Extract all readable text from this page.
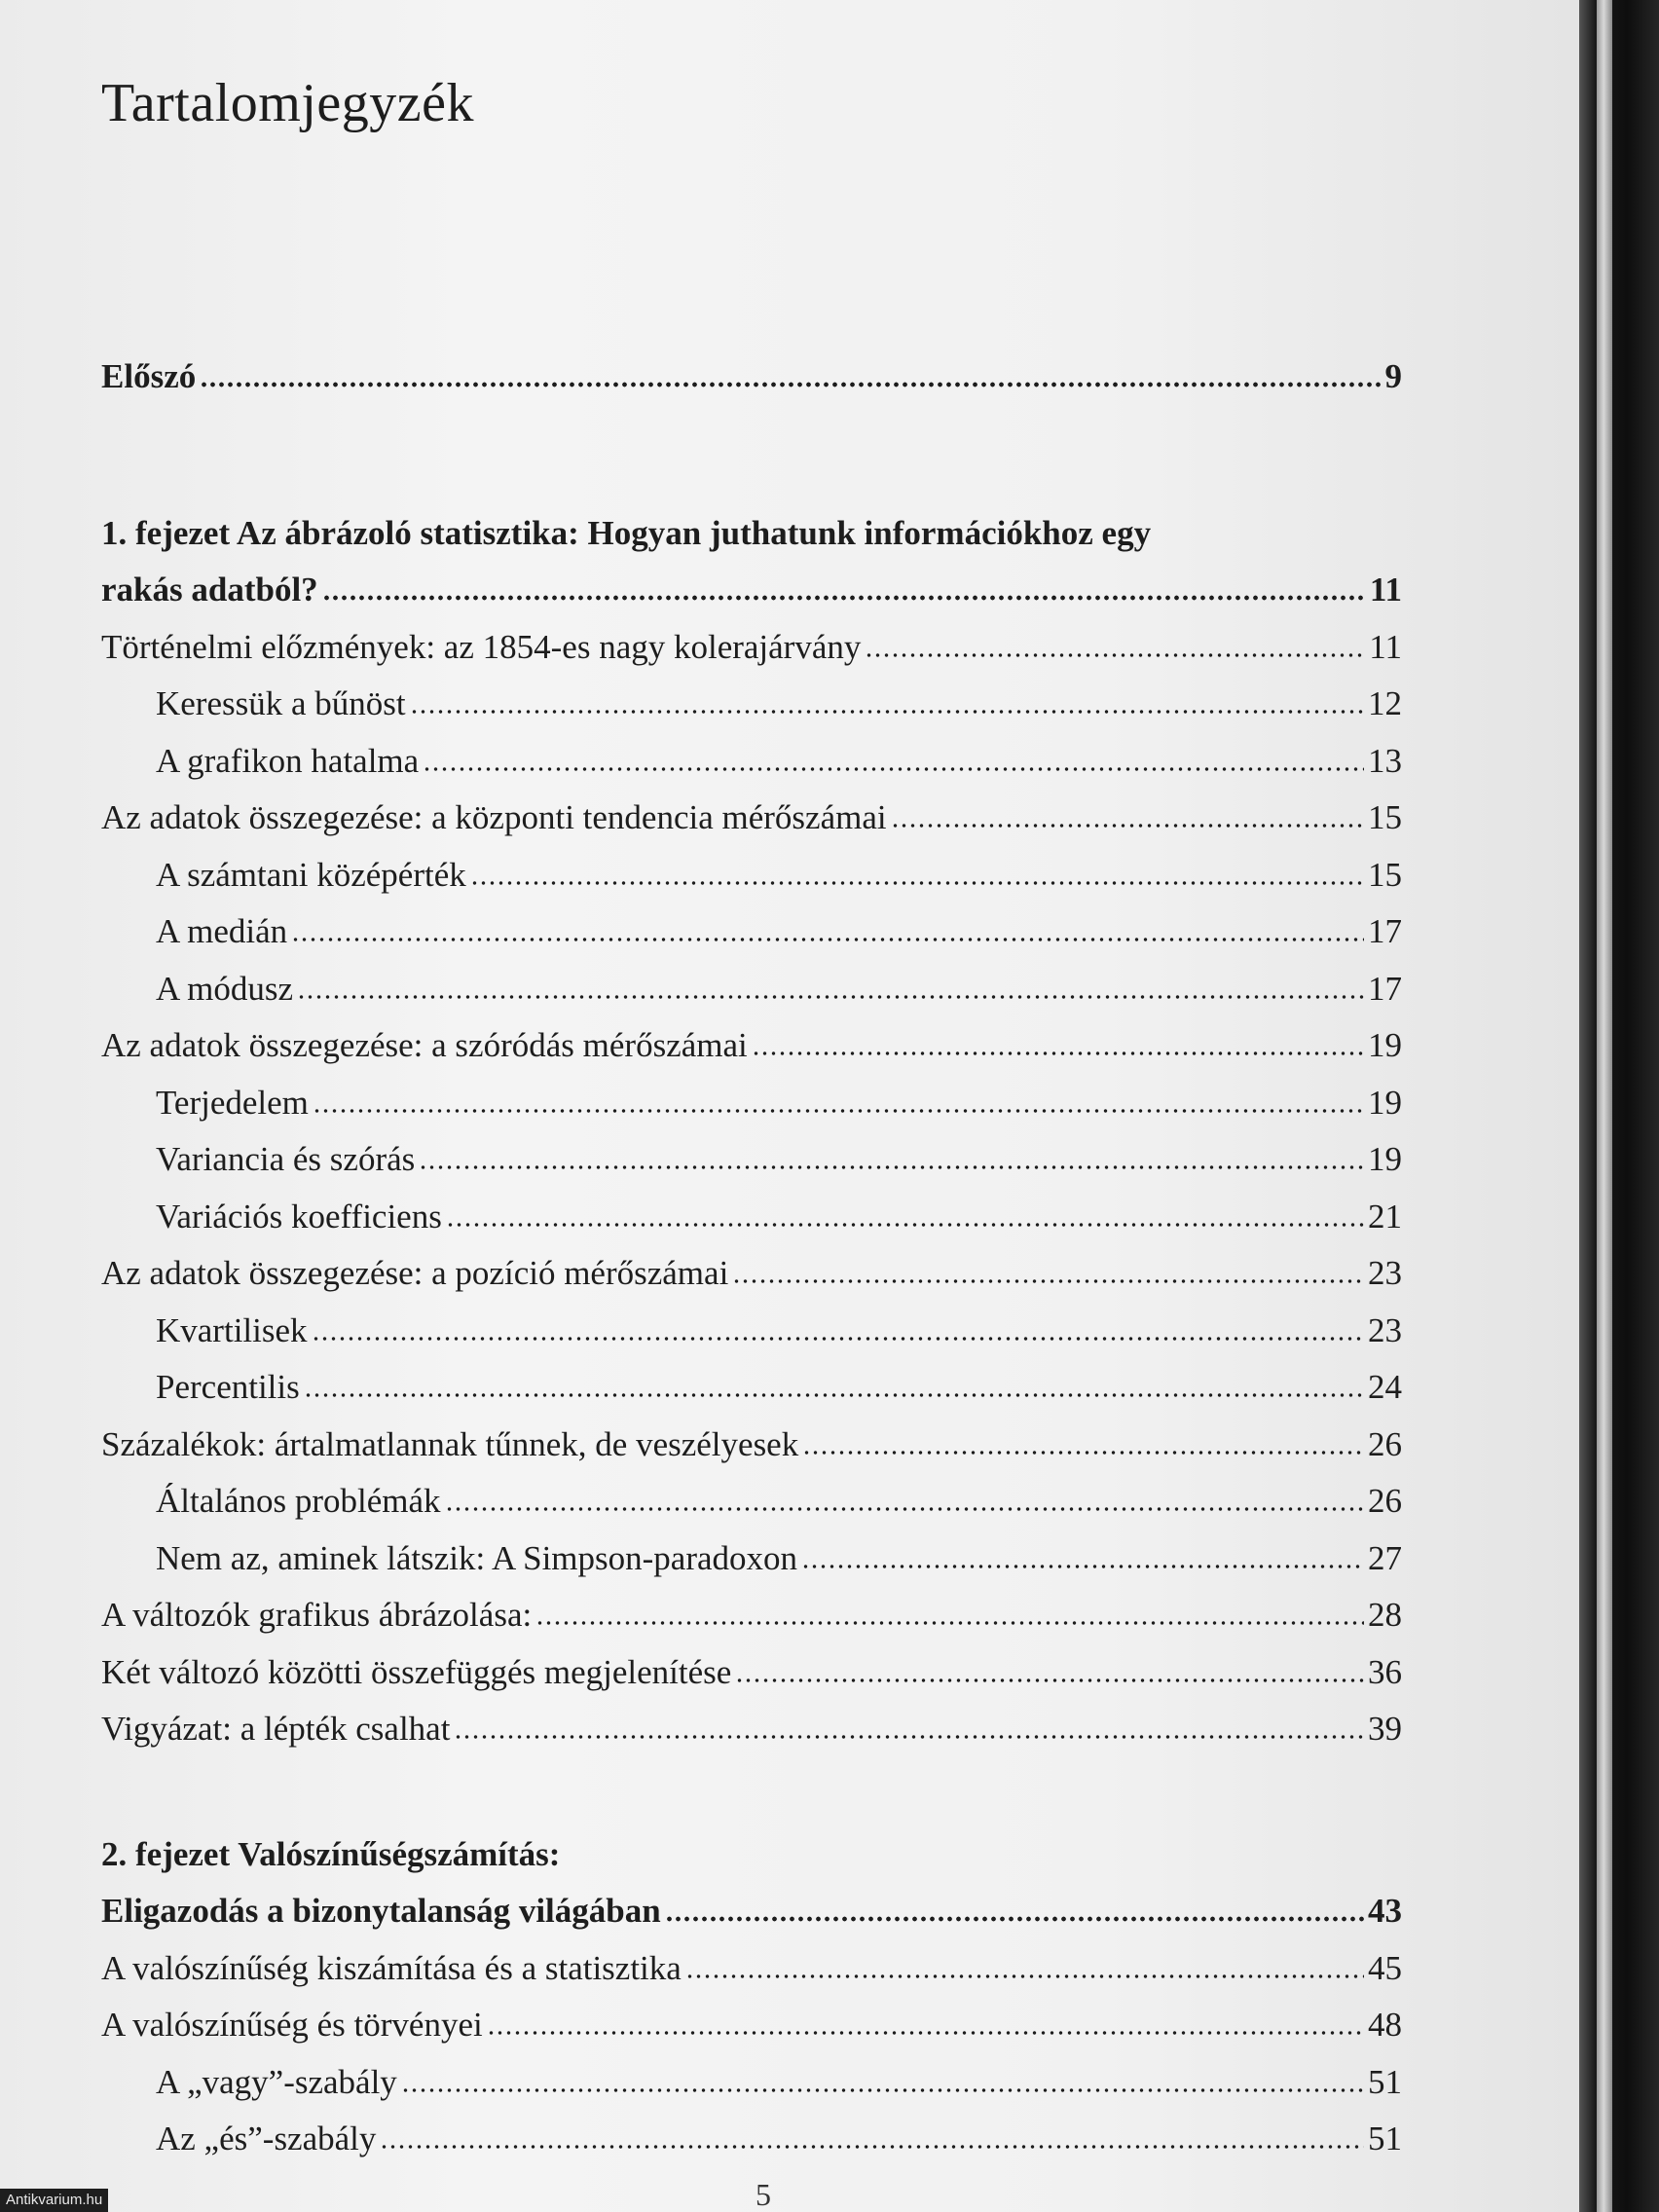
Tartalomjegyzék
Előszó	9
1. fejezet Az ábrázoló statisztika: Hogyan juthatunk információkhoz egy
rakás adatból?	11
Történelmi előzmények: az 1854-es nagy kolerajárvány	11
Keressük a bűnöst	12
A grafikon hatalma	13
Az adatok összegezése: a központi tendencia mérőszámai	15
A számtani középérték	15
A medián	17
A módusz	17
Az adatok összegezése: a szóródás mérőszámai	19
Terjedelem	19
Variancia és szórás	19
Variációs koefficiens	21
Az adatok összegezése: a pozíció mérőszámai	23
Kvartilisek	23
Percentilis	24
Százalékok: ártalmatlannak tűnnek, de veszélyesek	26
Általános problémák	26
Nem az, aminek látszik: A Simpson-paradoxon	27
A változók grafikus ábrázolása:	28
Két változó közötti összefüggés megjelenítése	36
Vigyázat: a lépték csalhat	39
2. fejezet Valószínűségszámítás:
Eligazodás a bizonytalanság világában	43
A valószínűség kiszámítása és a statisztika	45
A valószínűség és törvényei	48
A „vagy”-szabály	51
Az „és”-szabály	51
5
Antikvarium.hu
